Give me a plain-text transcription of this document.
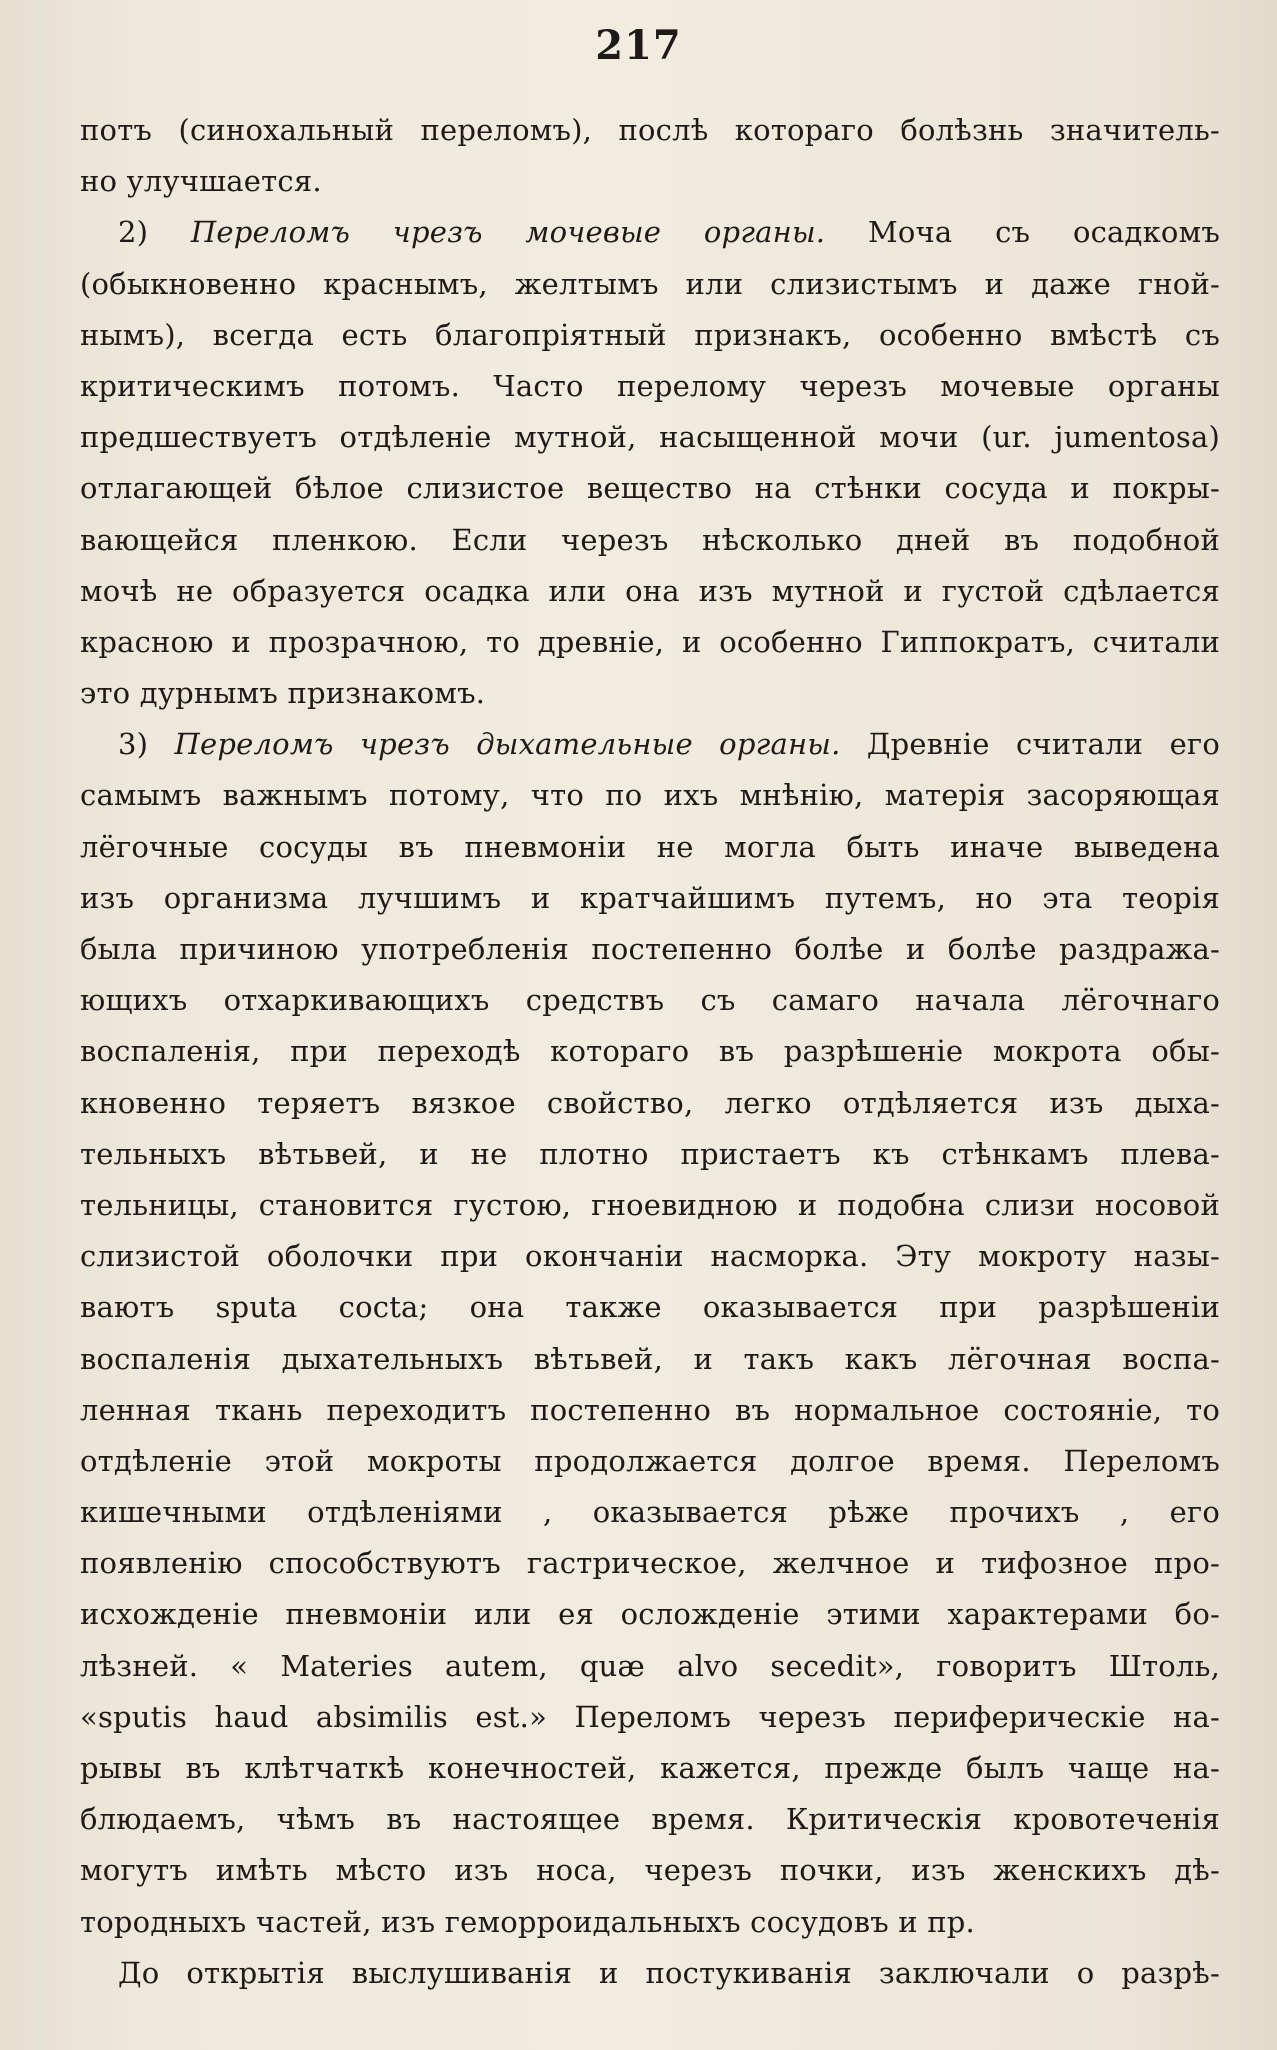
217
потъ (синохальный переломъ), послѣ котораго болѣзнь значитель-
но улучшается.
2) Переломъ чрезъ мочевые органы. Моча съ осадкомъ
(обыкновенно краснымъ, желтымъ или слизистымъ и даже гной-
нымъ), всегда есть благопріятный признакъ, особенно вмѣстѣ съ
критическимъ потомъ. Часто перелому черезъ мочевые органы
предшествуетъ отдѣленіе мутной, насыщенной мочи (ur. jumentosa)
отлагающей бѣлое слизистое вещество на стѣнки сосуда и покры-
вающейся пленкою. Если черезъ нѣсколько дней въ подобной
мочѣ не образуется осадка или она изъ мутной и густой сдѣлается
красною и прозрачною, то древніе, и особенно Гиппократъ, считали
это дурнымъ признакомъ.
3) Переломъ чрезъ дыхательные органы. Древніе считали его
самымъ важнымъ потому, что по ихъ мнѣнію, матерія засоряющая
лёгочные сосуды въ пневмоніи не могла быть иначе выведена
изъ организма лучшимъ и кратчайшимъ путемъ, но эта теорія
была причиною употребленія постепенно болѣе и болѣе раздража-
ющихъ отхаркивающихъ средствъ съ самаго начала лёгочнаго
воспаленія, при переходѣ котораго въ разрѣшеніе мокрота обы-
кновенно теряетъ вязкое свойство, легко отдѣляется изъ дыха-
тельныхъ вѣтьвей, и не плотно пристаетъ къ стѣнкамъ плева-
тельницы, становится густою, гноевидною и подобна слизи носовой
слизистой оболочки при окончаніи насморка. Эту мокроту назы-
ваютъ sputa cocta; она также оказывается при разрѣшеніи
воспаленія дыхательныхъ вѣтьвей, и такъ какъ лёгочная воспа-
ленная ткань переходитъ постепенно въ нормальное состояніе, то
отдѣленіе этой мокроты продолжается долгое время. Переломъ
кишечными отдѣленіями , оказывается рѣже прочихъ , его
появленію способствуютъ гастрическое, желчное и тифозное про-
исхожденіе пневмоніи или ея осложденіе этими характерами бо-
лѣзней. « Materies autem, quæ alvo secedit», говоритъ Штоль,
«sputis haud absimilis est.» Переломъ черезъ периферическіе на-
рывы въ клѣтчаткѣ конечностей, кажется, прежде былъ чаще на-
блюдаемъ, чѣмъ въ настоящее время. Критическія кровотеченія
могутъ имѣть мѣсто изъ носа, черезъ почки, изъ женскихъ дѣ-
тородныхъ частей, изъ геморроидальныхъ сосудовъ и пр.
До открытія выслушиванія и постукиванія заключали о разрѣ-
